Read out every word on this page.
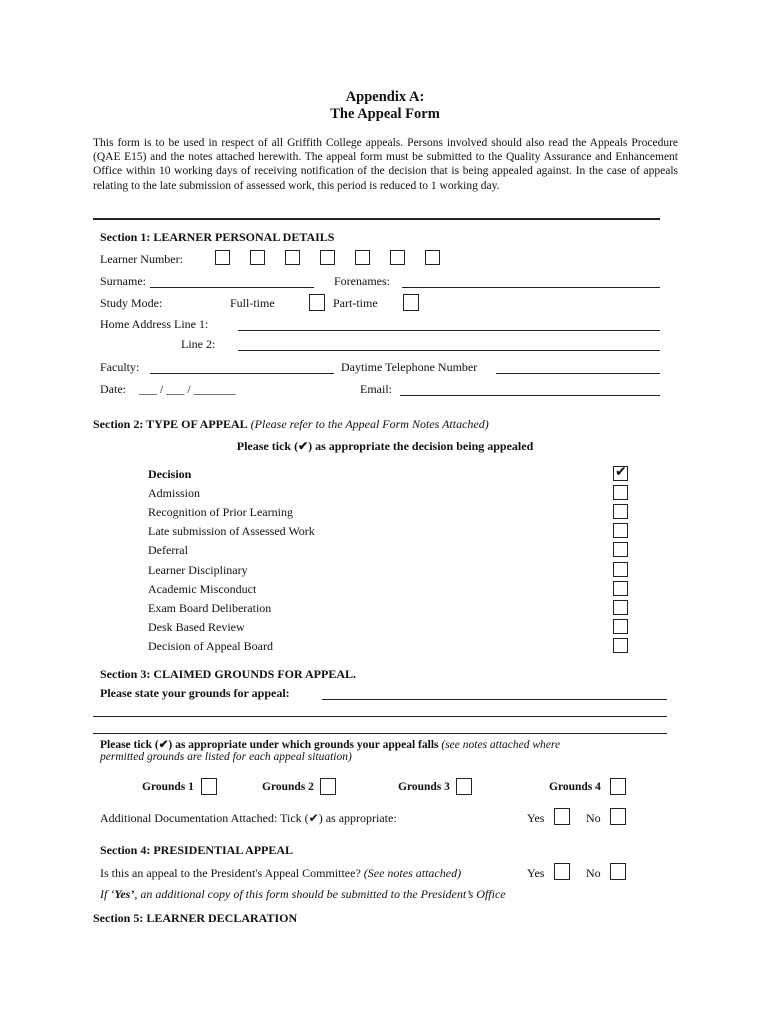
Appendix A:
The Appeal Form
This form is to be used in respect of all Griffith College appeals. Persons involved should also read the Appeals Procedure (QAE E15) and the notes attached herewith. The appeal form must be submitted to the Quality Assurance and Enhancement Office within 10 working days of receiving notification of the decision that is being appealed against. In the case of appeals relating to the late submission of assessed work, this period is reduced to 1 working day.
Section 1: LEARNER PERSONAL DETAILS
Learner Number:
Surname:	Forenames:
Study Mode:	Full-time	Part-time
Home Address Line 1:
Line 2:
Faculty:	Daytime Telephone Number
Date: ___ / ___ / _______	Email:
Section 2: TYPE OF APPEAL (Please refer to the Appeal Form Notes Attached)
Please tick (✔) as appropriate the decision being appealed
Decision	✔
Admission
Recognition of Prior Learning
Late submission of Assessed Work
Deferral
Learner Disciplinary
Academic Misconduct
Exam Board Deliberation
Desk Based Review
Decision of Appeal Board
Section 3: CLAIMED GROUNDS FOR APPEAL.
Please state your grounds for appeal:
Please tick (✔) as appropriate under which grounds your appeal falls (see notes attached where
permitted grounds are listed for each appeal situation)
Grounds 1	Grounds 2	Grounds 3	Grounds 4
Additional Documentation Attached: Tick (✔) as appropriate:	Yes	No
Section 4: PRESIDENTIAL APPEAL
Is this an appeal to the President's Appeal Committee? (See notes attached)	Yes	No
If ‘Yes’, an additional copy of this form should be submitted to the President’s Office
Section 5: LEARNER DECLARATION
